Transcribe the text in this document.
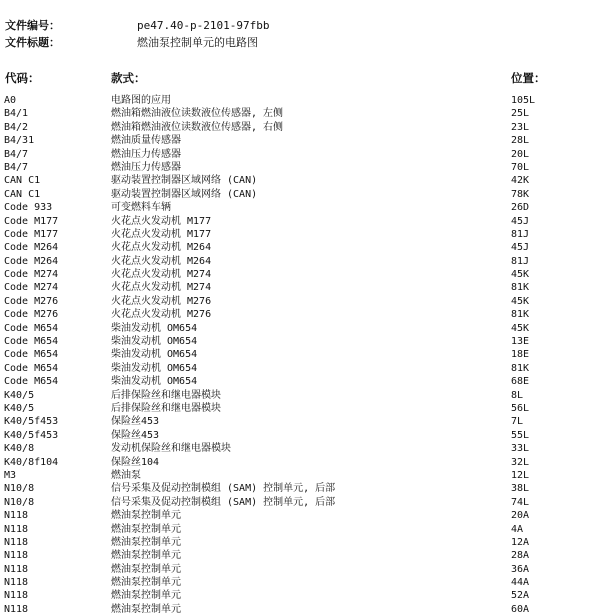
文件编号：	pe47.40-p-2101-97fbb
文件标题：	燃油泵控制单元的电路图
代码：	款式：	位置：
A0	电路图的应用	105L
B4/1	燃油箱燃油液位读数液位传感器, 左侧	25L
B4/2	燃油箱燃油液位读数液位传感器, 右侧	23L
B4/31	燃油质量传感器	28L
B4/7	燃油压力传感器	20L
B4/7	燃油压力传感器	70L
CAN C1	驱动装置控制器区域网络 (CAN)	42K
CAN C1	驱动装置控制器区域网络 (CAN)	78K
Code 933	可变燃料车辆	26D
Code M177	火花点火发动机 M177	45J
Code M177	火花点火发动机 M177	81J
Code M264	火花点火发动机 M264	45J
Code M264	火花点火发动机 M264	81J
Code M274	火花点火发动机 M274	45K
Code M274	火花点火发动机 M274	81K
Code M276	火花点火发动机 M276	45K
Code M276	火花点火发动机 M276	81K
Code M654	柴油发动机 OM654	45K
Code M654	柴油发动机 OM654	13E
Code M654	柴油发动机 OM654	18E
Code M654	柴油发动机 OM654	81K
Code M654	柴油发动机 OM654	68E
K40/5	后排保险丝和继电器模块	8L
K40/5	后排保险丝和继电器模块	56L
K40/5f453	保险丝453	7L
K40/5f453	保险丝453	55L
K40/8	发动机保险丝和继电器模块	33L
K40/8f104	保险丝104	32L
M3	燃油泵	12L
N10/8	信号采集及促动控制模组 (SAM) 控制单元, 后部	38L
N10/8	信号采集及促动控制模组 (SAM) 控制单元, 后部	74L
N118	燃油泵控制单元	20A
N118	燃油泵控制单元	4A
N118	燃油泵控制单元	12A
N118	燃油泵控制单元	28A
N118	燃油泵控制单元	36A
N118	燃油泵控制单元	44A
N118	燃油泵控制单元	52A
N118	燃油泵控制单元	60A
